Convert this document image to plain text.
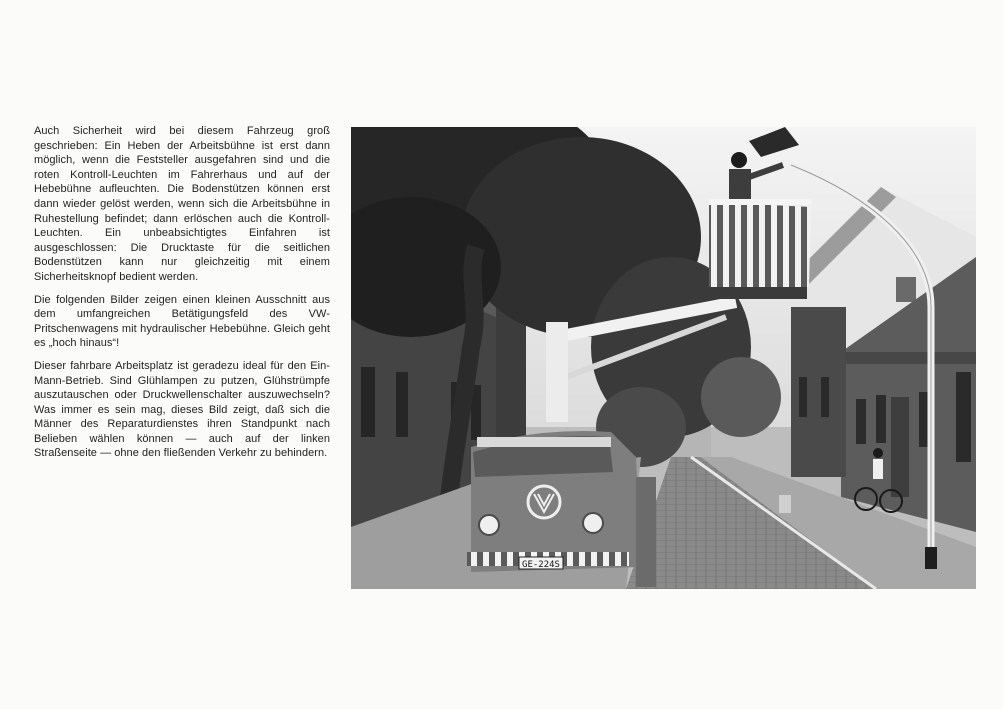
Auch Sicherheit wird bei diesem Fahrzeug groß geschrieben: Ein Heben der Arbeitsbühne ist erst dann möglich, wenn die Feststeller ausgefahren sind und die roten Kontroll-Leuchten im Fahrerhaus und auf der Hebebühne aufleuchten. Die Bodenstützen können erst dann wieder gelöst werden, wenn sich die Arbeitsbühne in Ruhestellung befindet; dann erlöschen auch die Kontroll-Leuchten. Ein unbeabsichtigtes Einfahren ist ausgeschlossen: Die Drucktaste für die seitlichen Bodenstützen kann nur gleichzeitig mit einem Sicherheitsknopf bedient werden.

Die folgenden Bilder zeigen einen kleinen Ausschnitt aus dem umfangreichen Betätigungsfeld des VW-Pritschenwagens mit hydraulischer Hebebühne. Gleich geht es „hoch hinaus“!

Dieser fahrbare Arbeitsplatz ist geradezu ideal für den Ein-Mann-Betrieb. Sind Glühlampen zu putzen, Glühstrümpfe auszutauschen oder Druckwellenschalter auszuwechseln? Was immer es sein mag, dieses Bild zeigt, daß sich die Männer des Reparaturdienstes ihren Standpunkt nach Belieben wählen können — auch auf der linken Straßenseite — ohne den fließenden Verkehr zu behindern.

GE-224S
